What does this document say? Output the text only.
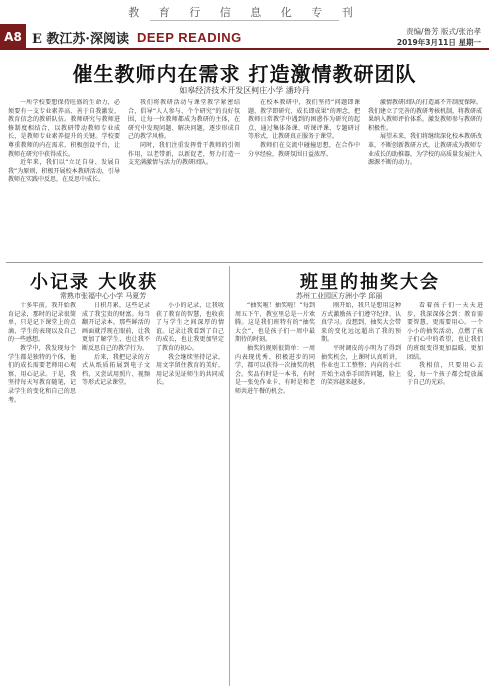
教 育 行 信 息 化 专 刊
A8 E 教江苏·深阅读 DEEP READING	责编/鲁芳 版式/张治孝
2019年3月11日 星期一
催生教师内在需求 打造激情教研团队
如皋经济技术开发区柯庄小学 潘玲丹

一所学校要想保持旺盛的生命力，必须要有一支专业素养高、善于自我激发、教育信念的教研队伍。教师研究与教师进修制度相结合，以教研带动教师专业成长，是教师专业素养提升的关键。学校要尊重教师的内在需求，积极创设平台，让教师在研究中获得成长。

近年来，我们以“立足自身、发展自我”为原则，积极开展校本教研活动，引导教师在实践中反思，在反思中成长。

我们将教研活动与课堂教学紧密结合，倡导“人人参与、个个研究”的良好氛围，让每一位教师都成为教研的主体，在研究中发现问题、解决问题，逐步形成自己的教学风格。

同时，我们注重发挥骨干教师的引领作用，以老带新，以新促老，努力打造一支充满激情与活力的教研团队。

在校本教研中，我们坚持“问题即课题、教学即研究、成长即成果”的理念，把教师日常教学中遇到的困惑作为研究的起点，通过集体备课、听课评课、专题研讨等形式，让教研真正服务于课堂。

教师们在交流中碰撞思想，在合作中分享经验，教研氛围日益浓厚。

激情教研团队的打造离不开制度保障。我们建立了完善的教研考核机制，将教研成果纳入教师评价体系，激发教师参与教研的积极性。

展望未来，我们将继续深化校本教研改革，不断创新教研方式，让教研成为教师专业成长的助推器，为学校的高质量发展注入源源不断的动力。

小记录 大收获
常熟市张福中心小学 马夏芳

十多年前，我开始教育记录，那时的记录很简单，只是记下课堂上的点滴、学生的表现以及自己的一些感想。

教学中，我发现每个学生都是独特的个体，他们的成长需要老师用心观察、用心记录。于是，我坚持每天写教育随笔，记录学生的变化和自己的思考。

日积月累，这些记录成了我宝贵的财富。每当翻开记录本，那些鲜活的画面就浮现在眼前，让我更加了解学生，也让我不断反思自己的教学行为。

后来，我把记录的方式从纸质拓展到电子文档，又尝试用照片、视频等形式记录课堂。

小小的记录，让我收获了教育的智慧，也收获了与学生之间深厚的情谊。记录让我看到了自己的成长，也让我更加坚定了教育的初心。

我会继续坚持记录，用文字留住教育的美好，用记录见证师生的共同成长。

班里的抽奖大会
苏州工业园区方洲小学 邱丽

“抽奖啦！抽奖啦！”每到周五下午，教室里总是一片欢腾。这是我们班特有的“抽奖大会”，也是孩子们一周中最期待的时刻。

抽奖的规则很简单：一周内表现优秀、积极进步的同学，都可以获得一次抽奖的机会。奖品有时是一本书，有时是一张免作业卡，有时是和老师共进午餐的机会。

刚开始，我只是想用这种方式激励孩子们遵守纪律、认真学习。没想到，抽奖大会带来的变化远远超出了我的预期。

平时调皮的小明为了得到抽奖机会，上课时认真听讲，作业也工工整整；内向的小红开始主动举手回答问题，脸上的笑容越来越多。

看着孩子们一天天进步，我深深体会到：教育需要智慧，更需要用心。一个小小的抽奖活动，点燃了孩子们心中的希望，也让我们的班级变得更加温暖、更加团结。

我相信，只要用心去爱，每一个孩子都会绽放属于自己的光彩。
